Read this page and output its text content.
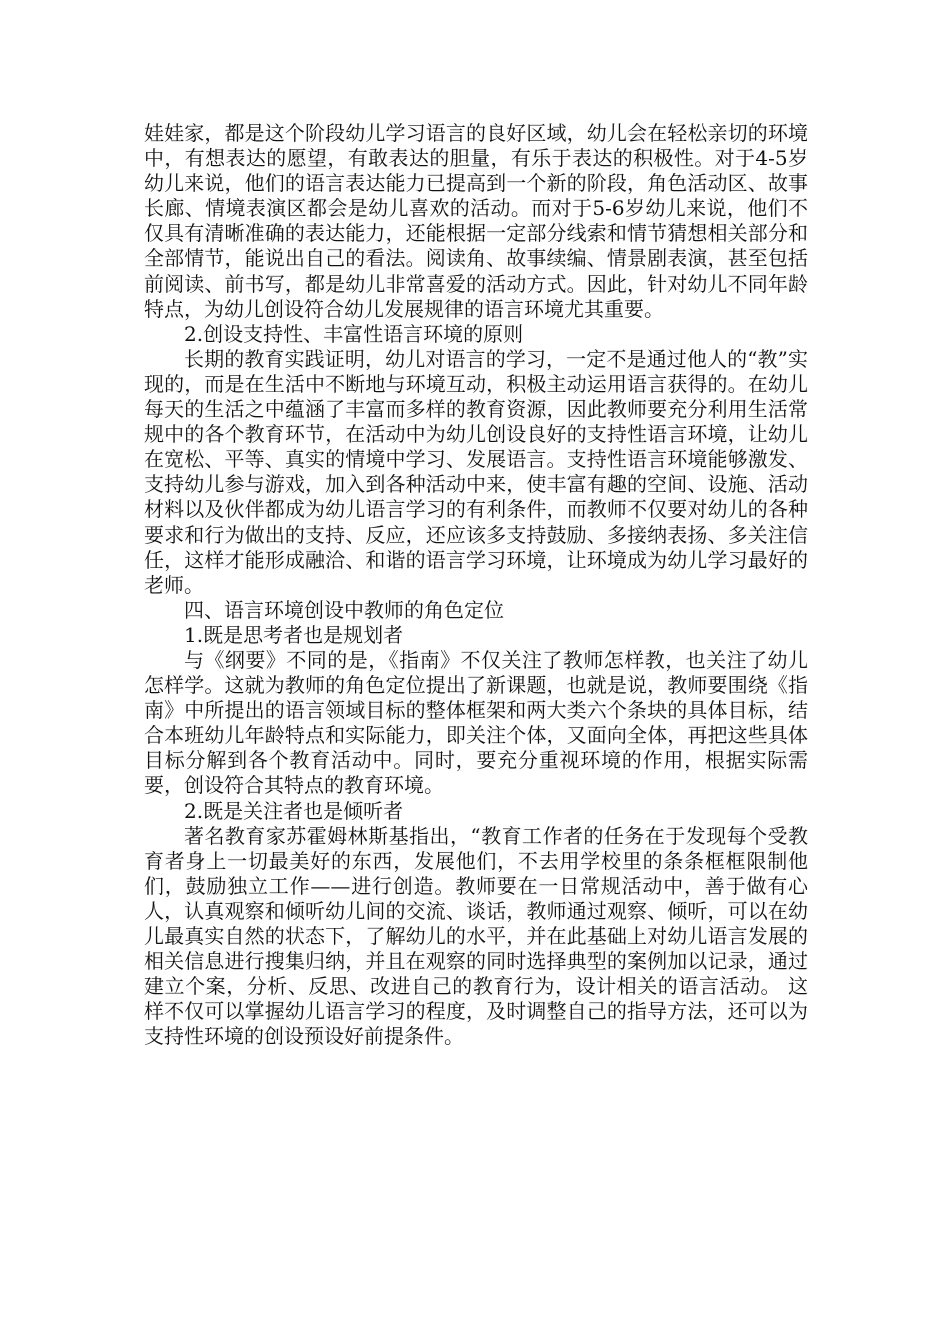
娃娃家，都是这个阶段幼儿学习语言的良好区域，幼儿会在轻松亲切的环境中，有想表达的愿望，有敢表达的胆量，有乐于表达的积极性。对于4-5岁幼儿来说，他们的语言表达能力已提高到一个新的阶段，角色活动区、故事长廊、情境表演区都会是幼儿喜欢的活动。而对于5-6岁幼儿来说，他们不仅具有清晰准确的表达能力，还能根据一定部分线索和情节猜想相关部分和全部情节，能说出自己的看法。阅读角、故事续编、情景剧表演，甚至包括前阅读、前书写，都是幼儿非常喜爱的活动方式。因此，针对幼儿不同年龄特点，为幼儿创设符合幼儿发展规律的语言环境尤其重要。

2.创设支持性、丰富性语言环境的原则

长期的教育实践证明，幼儿对语言的学习，一定不是通过他人的“教”实现的，而是在生活中不断地与环境互动，积极主动运用语言获得的。在幼儿每天的生活之中蕴涵了丰富而多样的教育资源，因此教师要充分利用生活常规中的各个教育环节，在活动中为幼儿创设良好的支持性语言环境，让幼儿在宽松、平等、真实的情境中学习、发展语言。支持性语言环境能够激发、支持幼儿参与游戏，加入到各种活动中来，使丰富有趣的空间、设施、活动材料以及伙伴都成为幼儿语言学习的有利条件，而教师不仅要对幼儿的各种要求和行为做出的支持、反应，还应该多支持鼓励、多接纳表扬、多关注信任，这样才能形成融洽、和谐的语言学习环境，让环境成为幼儿学习最好的老师。

四、语言环境创设中教师的角色定位

1.既是思考者也是规划者

与《纲要》不同的是，《指南》不仅关注了教师怎样教，也关注了幼儿怎样学。这就为教师的角色定位提出了新课题，也就是说，教师要围绕《指南》中所提出的语言领域目标的整体框架和两大类六个条块的具体目标，结合本班幼儿年龄特点和实际能力，即关注个体，又面向全体，再把这些具体目标分解到各个教育活动中。同时，要充分重视环境的作用，根据实际需要，创设符合其特点的教育环境。

2.既是关注者也是倾听者

著名教育家苏霍姆林斯基指出，“教育工作者的任务在于发现每个受教育者身上一切最美好的东西，发展他们，不去用学校里的条条框框限制他们，鼓励独立工作——进行创造。教师要在一日常规活动中，善于做有心人，认真观察和倾听幼儿间的交流、谈话，教师通过观察、倾听，可以在幼儿最真实自然的状态下，了解幼儿的水平，并在此基础上对幼儿语言发展的相关信息进行搜集归纳，并且在观察的同时选择典型的案例加以记录，通过建立个案，分析、反思、改进自己的教育行为，设计相关的语言活动。 这样不仅可以掌握幼儿语言学习的程度，及时调整自己的指导方法，还可以为支持性环境的创设预设好前提条件。
